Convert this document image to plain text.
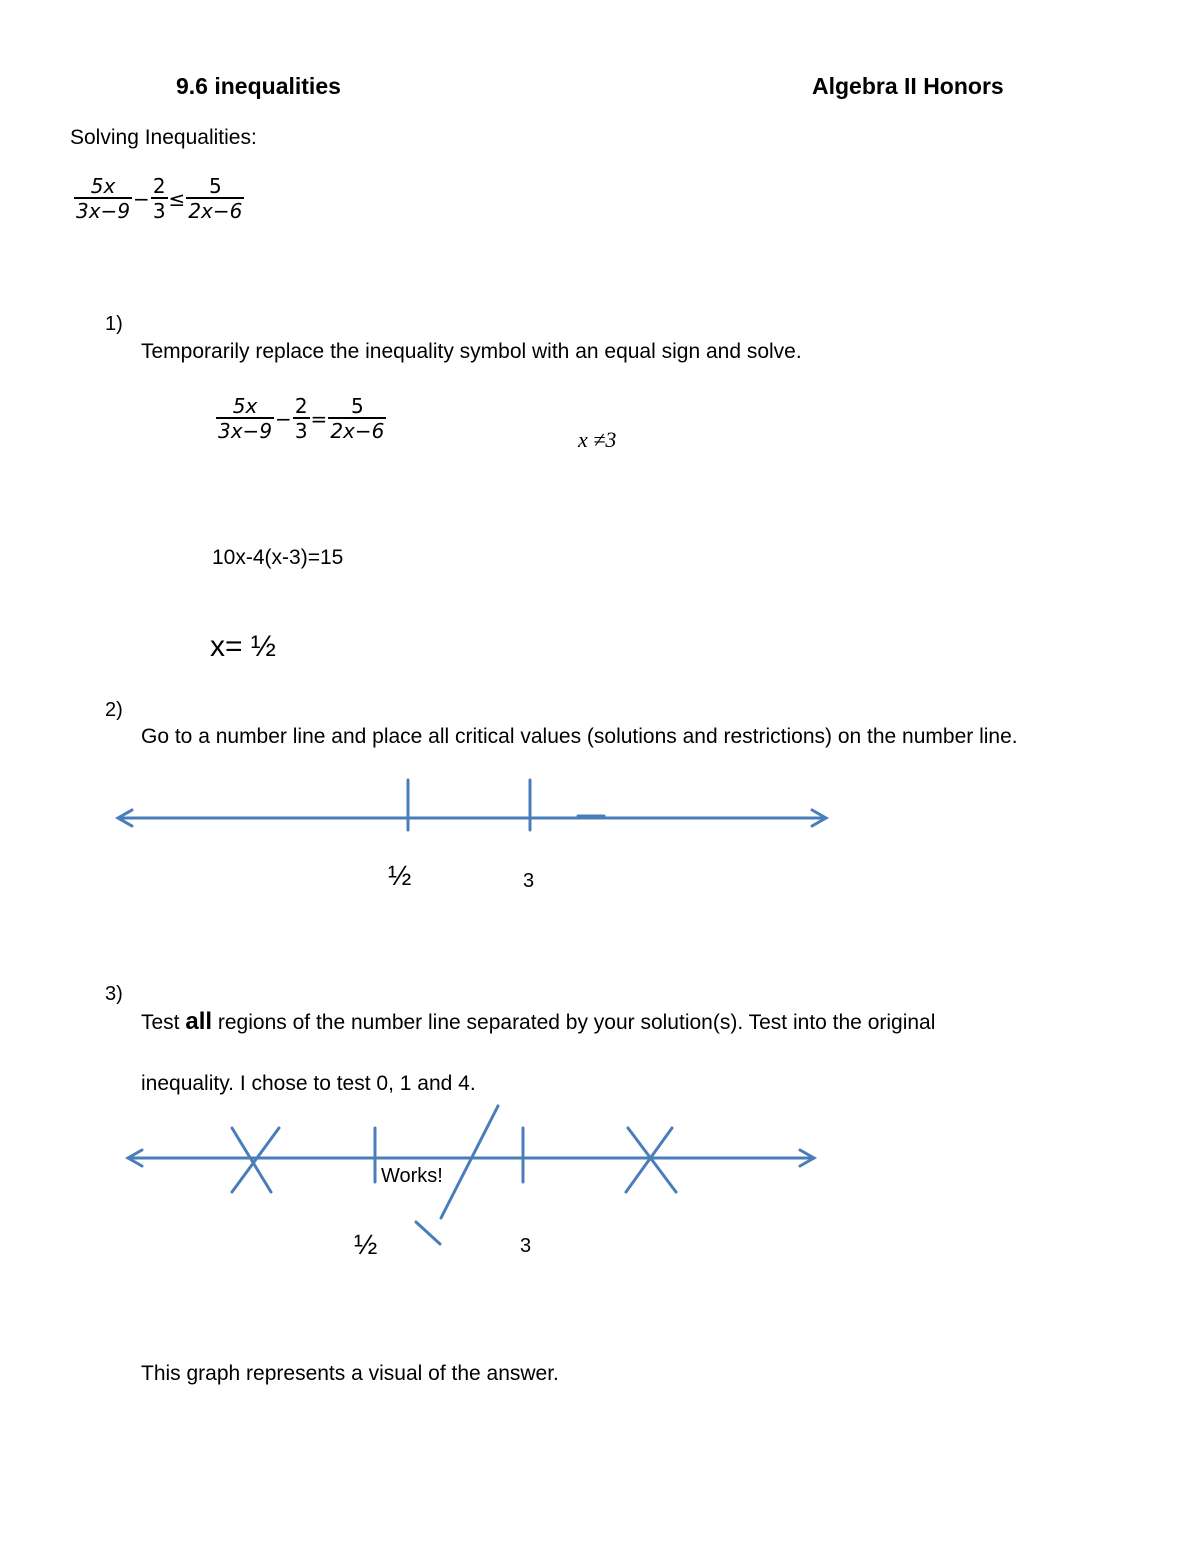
9.6 inequalities	Algebra II Honors
Solving Inequalities:
$\frac{5x}{3x-9} - \frac{2}{3} \le \frac{5}{2x-6}$
1)
Temporarily replace the inequality symbol with an equal sign and solve.
$\frac{5x}{3x-9} - \frac{2}{3} = \frac{5}{2x-6}$	x ≠3
10x-4(x-3)=15
x= ½
2)
Go to a number line and place all critical values (solutions and restrictions) on the number line.
½	3
3)
Test all regions of the number line separated by your solution(s). Test into the original
inequality. I chose to test 0, 1 and 4.
Works!
½	3
This graph represents a visual of the answer.
